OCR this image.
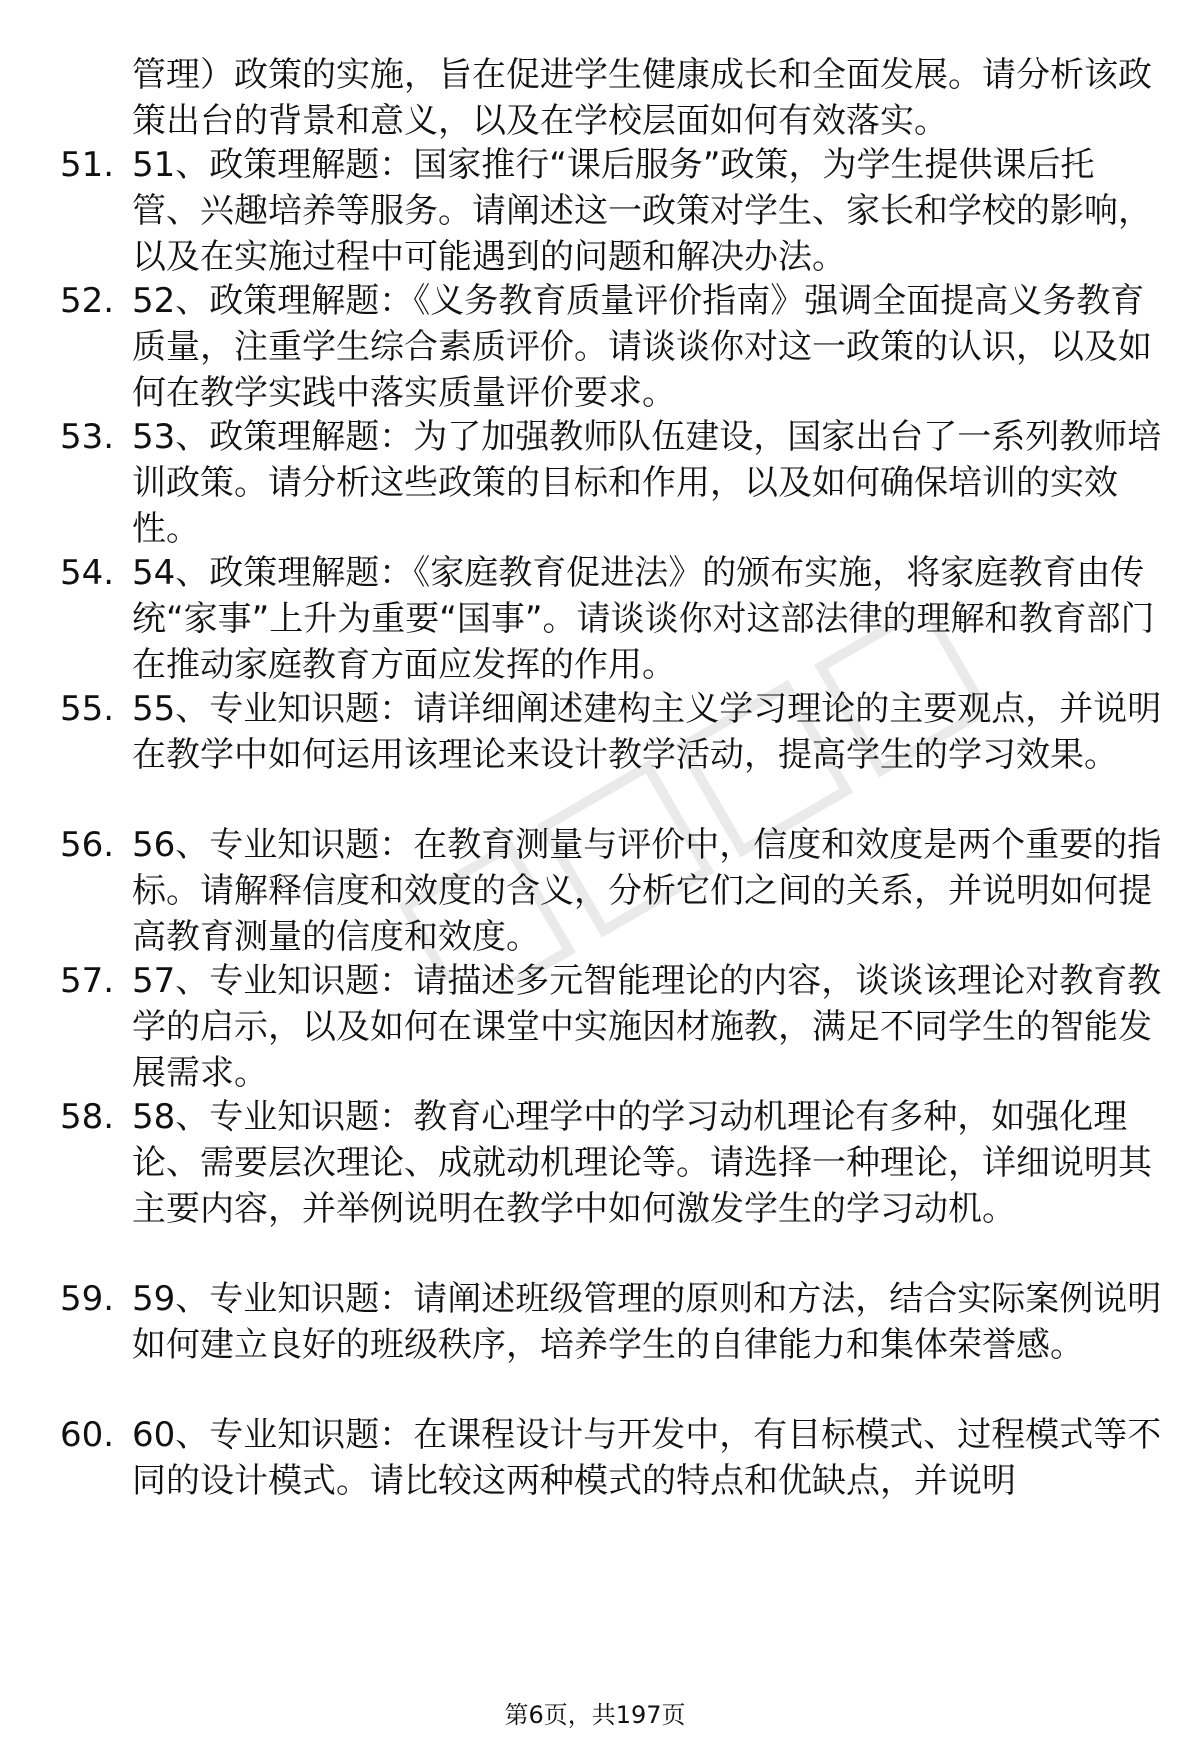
管理）政策的实施，旨在促进学生健康成长和全面发展。请分析该政策出台的背景和意义，以及在学校层面如何有效落实。
51. 51、政策理解题：国家推行“课后服务”政策，为学生提供课后托管、兴趣培养等服务。请阐述这一政策对学生、家长和学校的影响，以及在实施过程中可能遇到的问题和解决办法。
52. 52、政策理解题：《义务教育质量评价指南》强调全面提高义务教育质量，注重学生综合素质评价。请谈谈你对这一政策的认识，以及如何在教学实践中落实质量评价要求。
53. 53、政策理解题：为了加强教师队伍建设，国家出台了一系列教师培训政策。请分析这些政策的目标和作用，以及如何确保培训的实效性。
54. 54、政策理解题：《家庭教育促进法》的颁布实施，将家庭教育由传统“家事”上升为重要“国事”。请谈谈你对这部法律的理解和教育部门在推动家庭教育方面应发挥的作用。
55. 55、专业知识题：请详细阐述建构主义学习理论的主要观点，并说明在教学中如何运用该理论来设计教学活动，提高学生的学习效果。
56. 56、专业知识题：在教育测量与评价中，信度和效度是两个重要的指标。请解释信度和效度的含义，分析它们之间的关系，并说明如何提高教育测量的信度和效度。
57. 57、专业知识题：请描述多元智能理论的内容，谈谈该理论对教育教学的启示，以及如何在课堂中实施因材施教，满足不同学生的智能发展需求。
58. 58、专业知识题：教育心理学中的学习动机理论有多种，如强化理论、需要层次理论、成就动机理论等。请选择一种理论，详细说明其主要内容，并举例说明在教学中如何激发学生的学习动机。
59. 59、专业知识题：请阐述班级管理的原则和方法，结合实际案例说明如何建立良好的班级秩序，培养学生的自律能力和集体荣誉感。
60. 60、专业知识题：在课程设计与开发中，有目标模式、过程模式等不同的设计模式。请比较这两种模式的特点和优缺点，并说明
第6页，共197页
